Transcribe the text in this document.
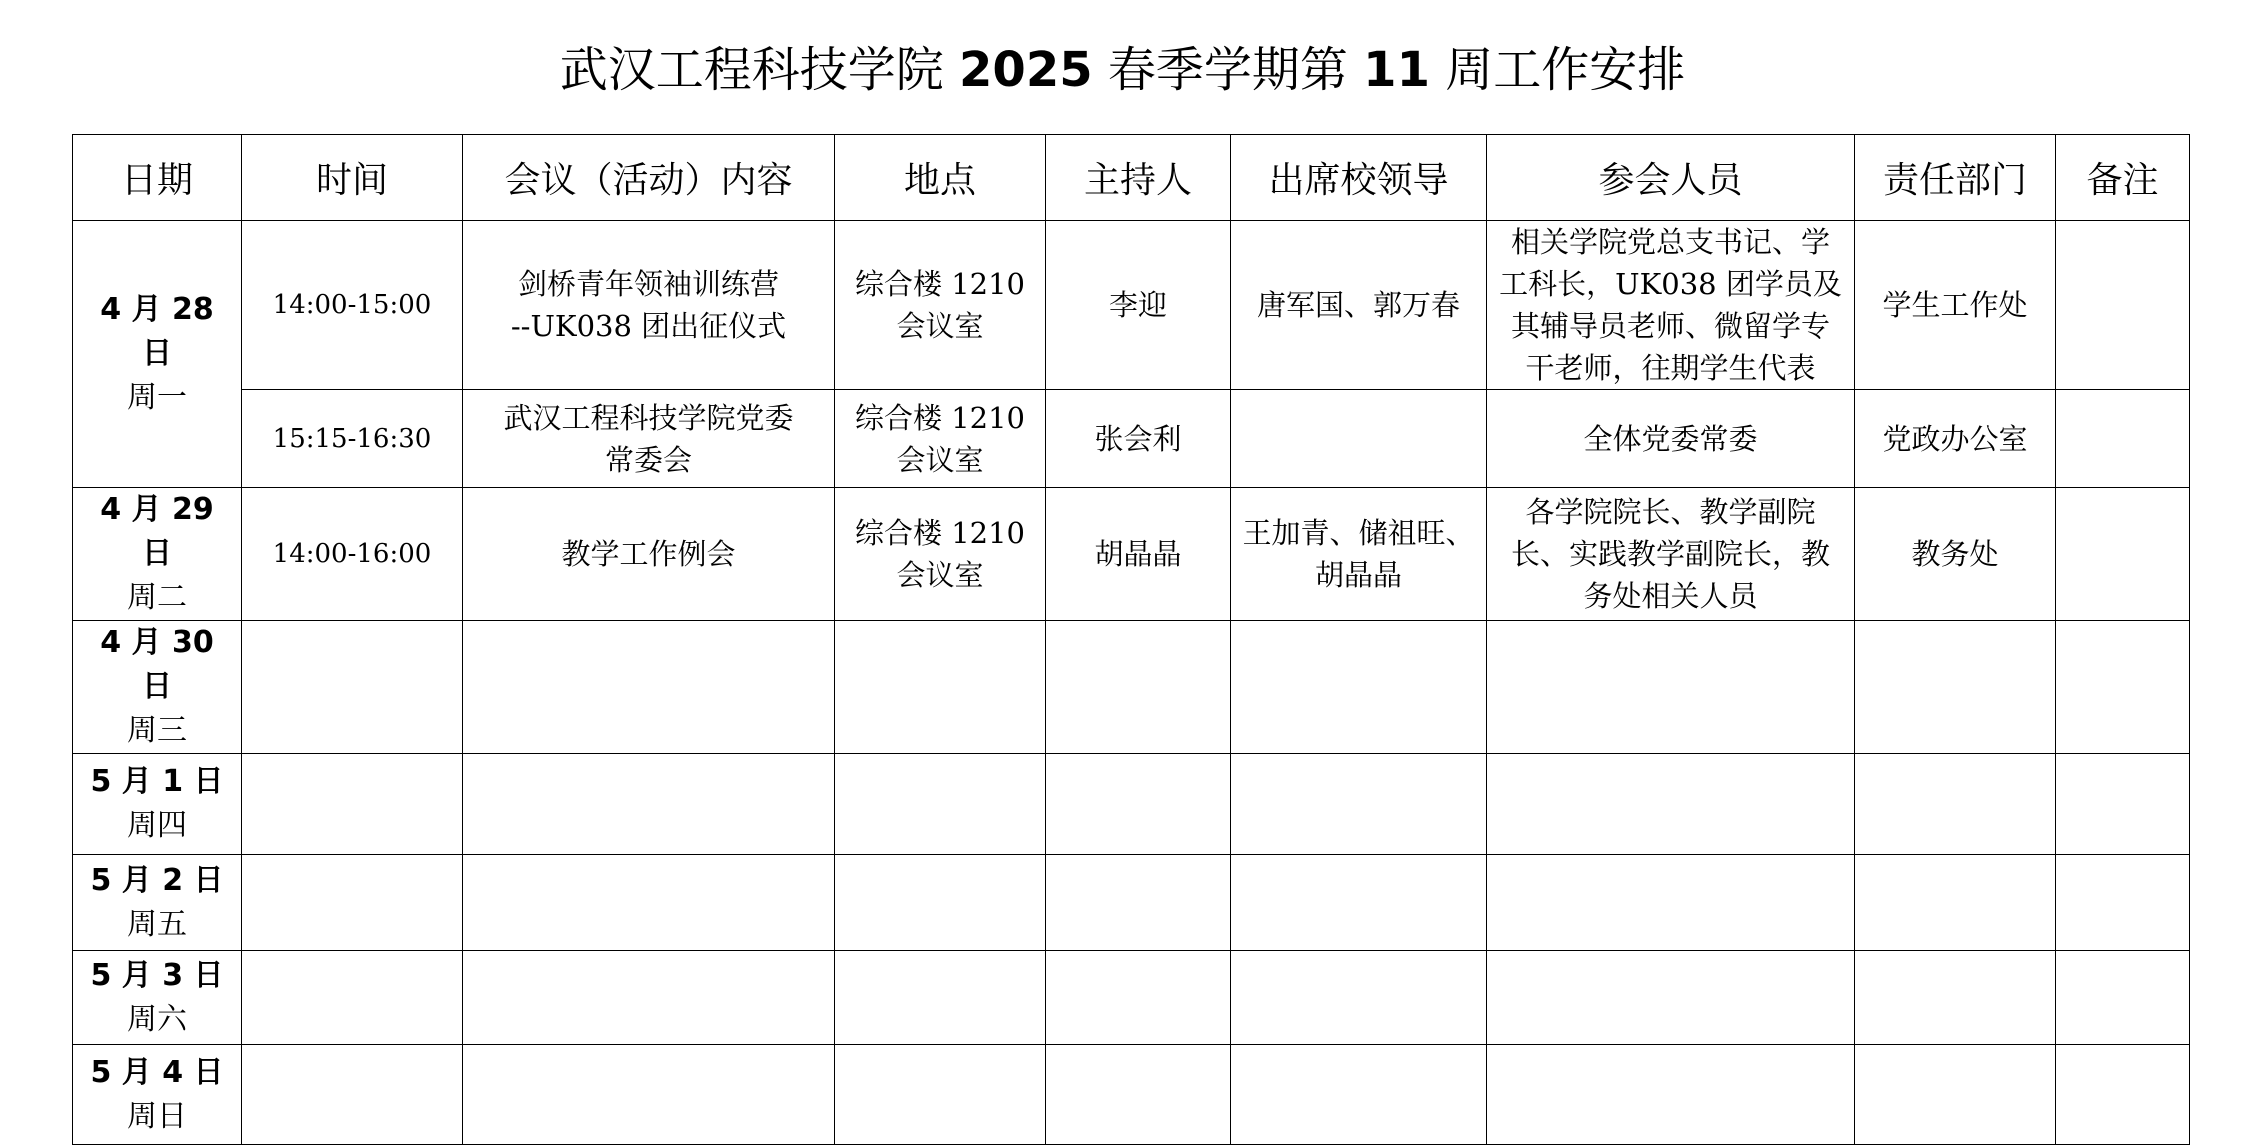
武汉工程科技学院 2025 春季学期第 11 周工作安排
日期	时间	会议（活动）内容	地点	主持人	出席校领导	参会人员	责任部门	备注

4 月 28 日
周一	14:00-15:00	剑桥青年领袖训练营
--UK038 团出征仪式	综合楼 1210
会议室	李迎	唐军国、郭万春	相关学院党总支书记、学
工科长，UK038 团学员及
其辅导员老师、微留学专
干老师，往期学生代表	学生工作处	
	15:15-16:30	武汉工程科技学院党委
常委会	综合楼 1210
会议室	张会利		全体党委常委	党政办公室	

4 月 29 日
周二	14:00-16:00	教学工作例会	综合楼 1210
会议室	胡晶晶	王加青、储祖旺、
胡晶晶	各学院院长、教学副院
长、实践教学副院长，教
务处相关人员	教务处	

4 月 30 日
周三								

5 月 1 日
周四								

5 月 2 日
周五								

5 月 3 日
周六								

5 月 4 日
周日								
